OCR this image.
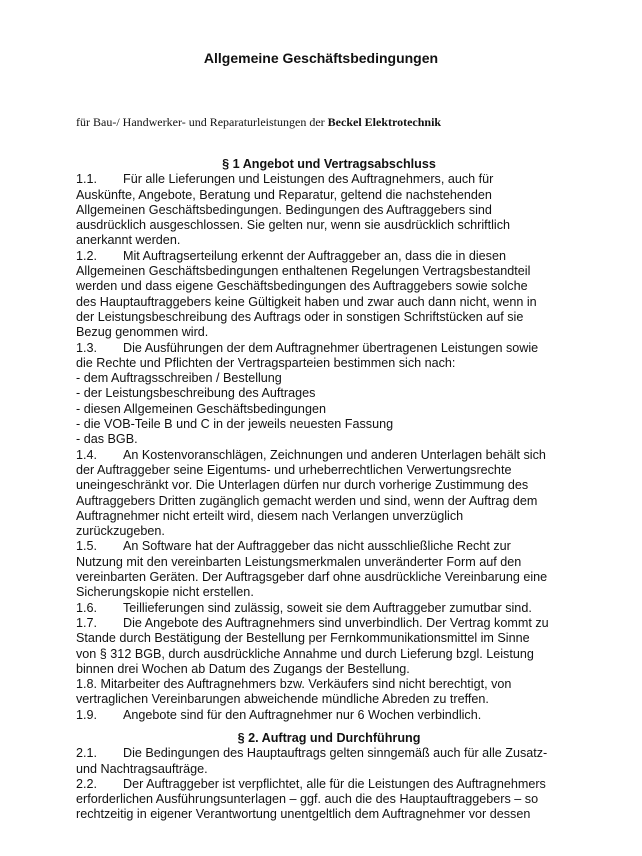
Allgemeine Geschäftsbedingungen

für Bau-/ Handwerker- und Reparaturleistungen der Beckel Elektrotechnik

§ 1 Angebot und Vertragsabschluss

1.1. Für alle Lieferungen und Leistungen des Auftragnehmers, auch für

Auskünfte, Angebote, Beratung und Reparatur, geltend die nachstehenden

Allgemeinen Geschäftsbedingungen. Bedingungen des Auftraggebers sind

ausdrücklich ausgeschlossen. Sie gelten nur, wenn sie ausdrücklich schriftlich

anerkannt werden.

1.2. Mit Auftragserteilung erkennt der Auftraggeber an, dass die in diesen

Allgemeinen Geschäftsbedingungen enthaltenen Regelungen Vertragsbestandteil

werden und dass eigene Geschäftsbedingungen des Auftraggebers sowie solche

des Hauptauftraggebers keine Gültigkeit haben und zwar auch dann nicht, wenn in

der Leistungsbeschreibung des Auftrags oder in sonstigen Schriftstücken auf sie

Bezug genommen wird.

1.3. Die Ausführungen der dem Auftragnehmer übertragenen Leistungen sowie

die Rechte und Pflichten der Vertragsparteien bestimmen sich nach:

- dem Auftragsschreiben / Bestellung

- der Leistungsbeschreibung des Auftrages

- diesen Allgemeinen Geschäftsbedingungen

- die VOB-Teile B und C in der jeweils neuesten Fassung

- das BGB.

1.4. An Kostenvoranschlägen, Zeichnungen und anderen Unterlagen behält sich

der Auftraggeber seine Eigentums- und urheberrechtlichen Verwertungsrechte

uneingeschränkt vor. Die Unterlagen dürfen nur durch vorherige Zustimmung des

Auftraggebers Dritten zugänglich gemacht werden und sind, wenn der Auftrag dem

Auftragnehmer nicht erteilt wird, diesem nach Verlangen unverzüglich

zurückzugeben.

1.5. An Software hat der Auftraggeber das nicht ausschließliche Recht zur

Nutzung mit den vereinbarten Leistungsmerkmalen unveränderter Form auf den

vereinbarten Geräten. Der Auftragsgeber darf ohne ausdrückliche Vereinbarung eine

Sicherungskopie nicht erstellen.

1.6. Teillieferungen sind zulässig, soweit sie dem Auftraggeber zumutbar sind.

1.7. Die Angebote des Auftragnehmers sind unverbindlich. Der Vertrag kommt zu

Stande durch Bestätigung der Bestellung per Fernkommunikationsmittel im Sinne

von § 312 BGB, durch ausdrückliche Annahme und durch Lieferung bzgl. Leistung

binnen drei Wochen ab Datum des Zugangs der Bestellung.

1.8. Mitarbeiter des Auftragnehmers bzw. Verkäufers sind nicht berechtigt, von

vertraglichen Vereinbarungen abweichende mündliche Abreden zu treffen.

1.9. Angebote sind für den Auftragnehmer nur 6 Wochen verbindlich.

§ 2. Auftrag und Durchführung

2.1. Die Bedingungen des Hauptauftrags gelten sinngemäß auch für alle Zusatz-

und Nachtragsaufträge.

2.2. Der Auftraggeber ist verpflichtet, alle für die Leistungen des Auftragnehmers

erforderlichen Ausführungsunterlagen – ggf. auch die des Hauptauftraggebers – so

rechtzeitig in eigener Verantwortung unentgeltlich dem Auftragnehmer vor dessen
